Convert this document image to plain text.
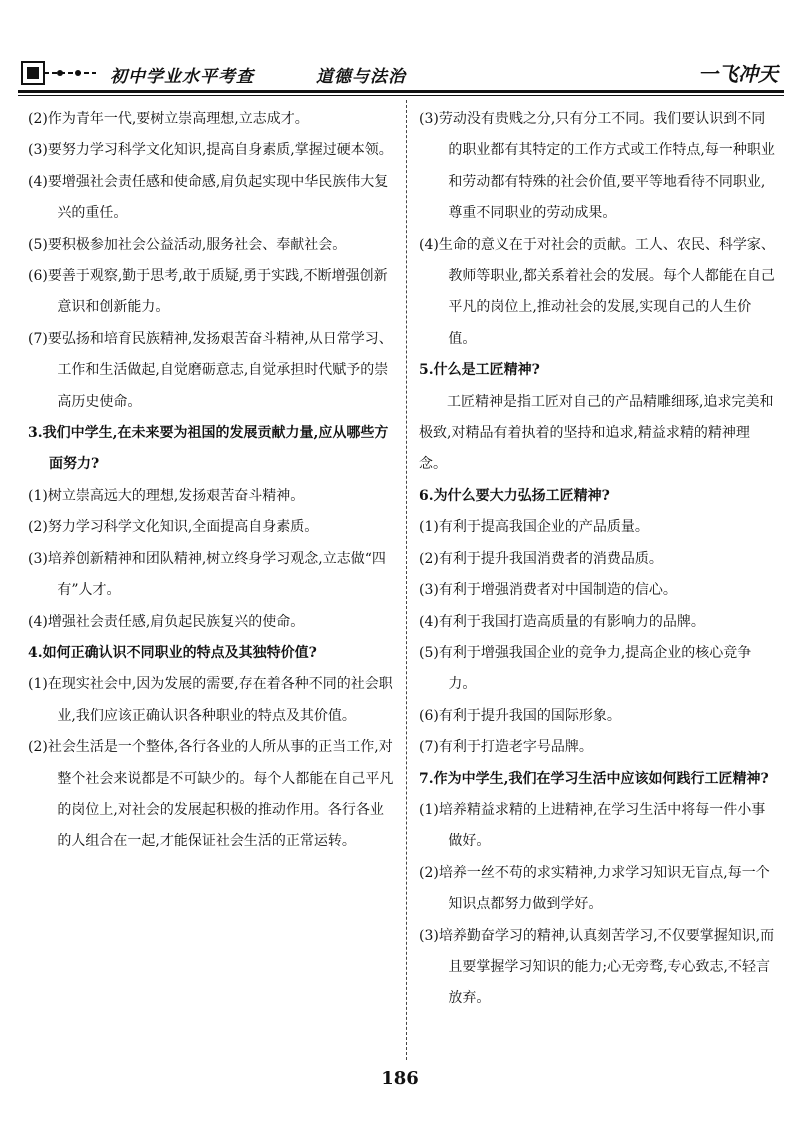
初中学业水平考查	道德与法治	一飞冲天

(2)作为青年一代,要树立崇高理想,立志成才。

(3)要努力学习科学文化知识,提高自身素质,掌握过硬本领。

(4)要增强社会责任感和使命感,肩负起实现中华民族伟大复兴的重任。

(5)要积极参加社会公益活动,服务社会、奉献社会。

(6)要善于观察,勤于思考,敢于质疑,勇于实践,不断增强创新意识和创新能力。

(7)要弘扬和培育民族精神,发扬艰苦奋斗精神,从日常学习、工作和生活做起,自觉磨砺意志,自觉承担时代赋予的崇高历史使命。

3.我们中学生,在未来要为祖国的发展贡献力量,应从哪些方面努力?

(1)树立崇高远大的理想,发扬艰苦奋斗精神。

(2)努力学习科学文化知识,全面提高自身素质。

(3)培养创新精神和团队精神,树立终身学习观念,立志做“四有”人才。

(4)增强社会责任感,肩负起民族复兴的使命。

4.如何正确认识不同职业的特点及其独特价值?

(1)在现实社会中,因为发展的需要,存在着各种不同的社会职业,我们应该正确认识各种职业的特点及其价值。

(2)社会生活是一个整体,各行各业的人所从事的正当工作,对整个社会来说都是不可缺少的。每个人都能在自己平凡的岗位上,对社会的发展起积极的推动作用。各行各业的人组合在一起,才能保证社会生活的正常运转。

(3)劳动没有贵贱之分,只有分工不同。我们要认识到不同的职业都有其特定的工作方式或工作特点,每一种职业和劳动都有特殊的社会价值,要平等地看待不同职业,尊重不同职业的劳动成果。

(4)生命的意义在于对社会的贡献。工人、农民、科学家、教师等职业,都关系着社会的发展。每个人都能在自己平凡的岗位上,推动社会的发展,实现自己的人生价值。

5.什么是工匠精神?

工匠精神是指工匠对自己的产品精雕细琢,追求完美和极致,对精品有着执着的坚持和追求,精益求精的精神理念。

6.为什么要大力弘扬工匠精神?

(1)有利于提高我国企业的产品质量。

(2)有利于提升我国消费者的消费品质。

(3)有利于增强消费者对中国制造的信心。

(4)有利于我国打造高质量的有影响力的品牌。

(5)有利于增强我国企业的竞争力,提高企业的核心竞争力。

(6)有利于提升我国的国际形象。

(7)有利于打造老字号品牌。

7.作为中学生,我们在学习生活中应该如何践行工匠精神?

(1)培养精益求精的上进精神,在学习生活中将每一件小事做好。

(2)培养一丝不苟的求实精神,力求学习知识无盲点,每一个知识点都努力做到学好。

(3)培养勤奋学习的精神,认真刻苦学习,不仅要掌握知识,而且要掌握学习知识的能力;心无旁骛,专心致志,不轻言放弃。

186
